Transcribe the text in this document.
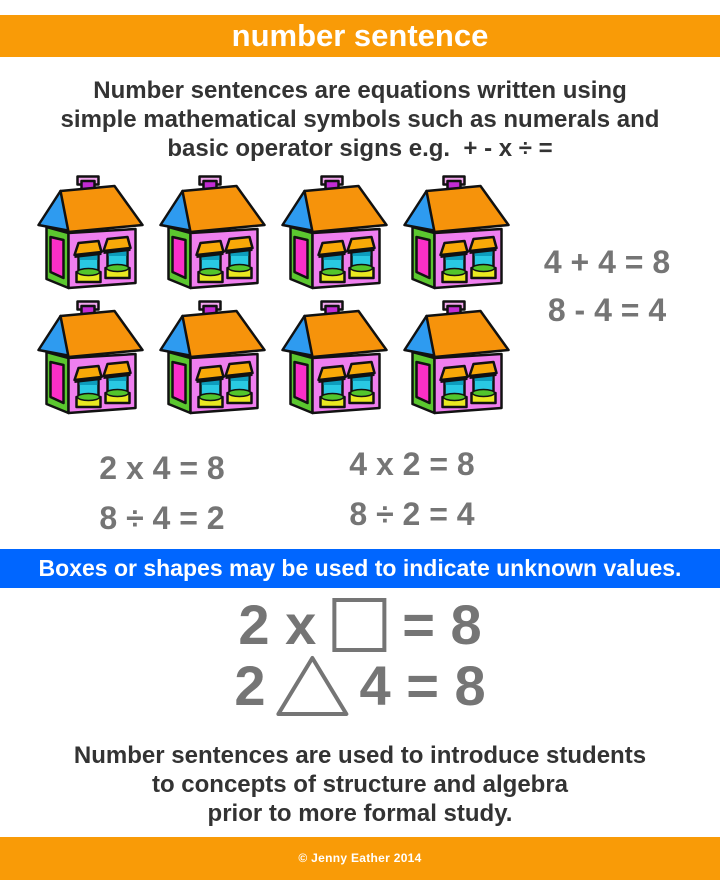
number sentence
Number sentences are equations written using
simple mathematical symbols such as numerals and
basic operator signs e.g.  + - x ÷ =
4 + 4 = 8
8 - 4 = 4
2 x 4 = 8
8 ÷ 4 = 2
4 x 2 = 8
8 ÷ 2 = 4
Boxes or shapes may be used to indicate unknown values.
2 x = 8
2 4 = 8
Number sentences are used to introduce students
to concepts of structure and algebra
prior to more formal study.
© Jenny Eather 2014
